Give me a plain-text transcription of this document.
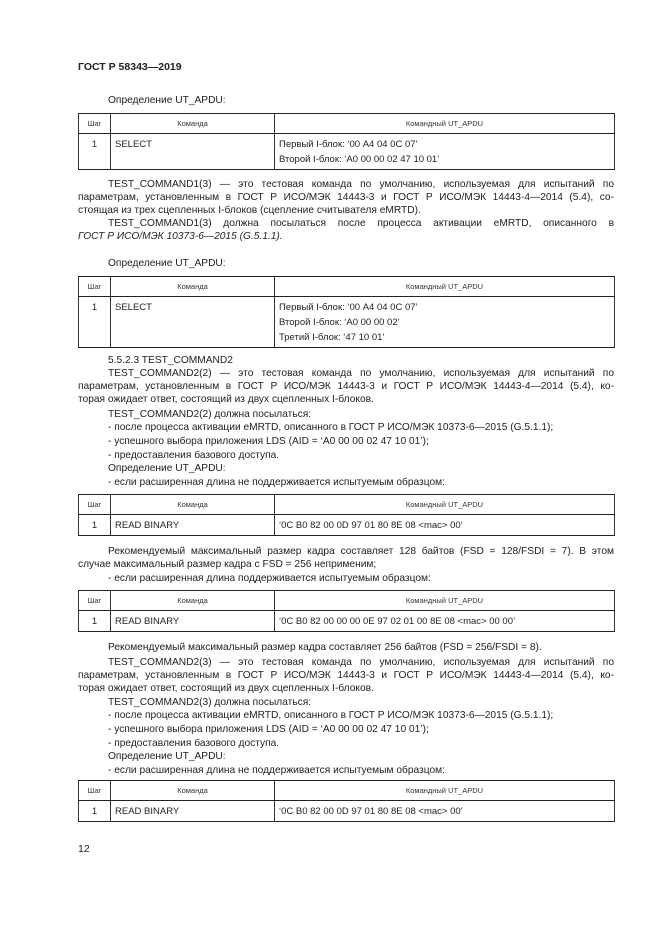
ГОСТ Р 58343—2019
Определение UT_APDU:
Шаг	Команда	Командный UT_APDU
1	SELECT	Первый I-блок: ‘00 A4 04 0C 07’
Второй I-блок: ‘A0 00 00 02 47 10 01’
TEST_COMMAND1(3) — это тестовая команда по умолчанию, используемая для испытаний по
параметрам, установленным в ГОСТ Р ИСО/МЭК 14443-3 и ГОСТ Р ИСО/МЭК 14443-4—2014 (5.4), со-
стоящая из трех сцепленных I-блоков (сцепление считывателя eMRTD).
TEST_COMMAND1(3) должна посылаться после процесса активации eMRTD, описанного в
ГОСТ Р ИСО/МЭК 10373-6—2015 (G.5.1.1).
Определение UT_APDU:
Шаг	Команда	Командный UT_APDU
1	SELECT	Первый I-блок: ‘00 A4 04 0C 07’
Второй I-блок: ‘A0 00 00 02’
Третий I-блок: ‘47 10 01’
5.5.2.3 TEST_COMMAND2
TEST_COMMAND2(2) — это тестовая команда по умолчанию, используемая для испытаний по
параметрам, установленным в ГОСТ Р ИСО/МЭК 14443-3 и ГОСТ Р ИСО/МЭК 14443-4—2014 (5.4), ко-
торая ожидает ответ, состоящий из двух сцепленных I-блоков.
TEST_COMMAND2(2) должна посылаться:
- после процесса активации eMRTD, описанного в ГОСТ Р ИСО/МЭК 10373-6—2015 (G.5.1.1);
- успешного выбора приложения LDS (AID = ‘A0 00 00 02 47 10 01’);
- предоставления базового доступа.
Определение UT_APDU:
- если расширенная длина не поддерживается испытуемым образцом:
Шаг	Команда	Командный UT_APDU
1	READ BINARY	‘0C B0 82 00 0D 97 01 80 8E 08 <mac> 00’
Рекомендуемый максимальный размер кадра составляет 128 байтов (FSD = 128/FSDI = 7). В этом
случае максимальный размер кадра с FSD = 256 неприменим;
- если расширенная длина поддерживается испытуемым образцом:
Шаг	Команда	Командный UT_APDU
1	READ BINARY	‘0C B0 82 00 00 00 0E 97 02 01 00 8E 08 <mac> 00 00’
Рекомендуемый максимальный размер кадра составляет 256 байтов (FSD = 256/FSDI = 8).
TEST_COMMAND2(3) — это тестовая команда по умолчанию, используемая для испытаний по
параметрам, установленным в ГОСТ Р ИСО/МЭК 14443-3 и ГОСТ Р ИСО/МЭК 14443-4—2014 (5.4), ко-
торая ожидает ответ, состоящий из двух сцепленных I-блоков.
TEST_COMMAND2(3) должна посылаться:
- после процесса активации eMRTD, описанного в ГОСТ Р ИСО/МЭК 10373-6—2015 (G.5.1.1);
- успешного выбора приложения LDS (AID = ‘A0 00 00 02 47 10 01’);
- предоставления базового доступа.
Определение UT_APDU:
- если расширенная длина не поддерживается испытуемым образцом:
Шаг	Команда	Командный UT_APDU
1	READ BINARY	‘0C B0 82 00 0D 97 01 80 8E 08 <mac> 00’
12
